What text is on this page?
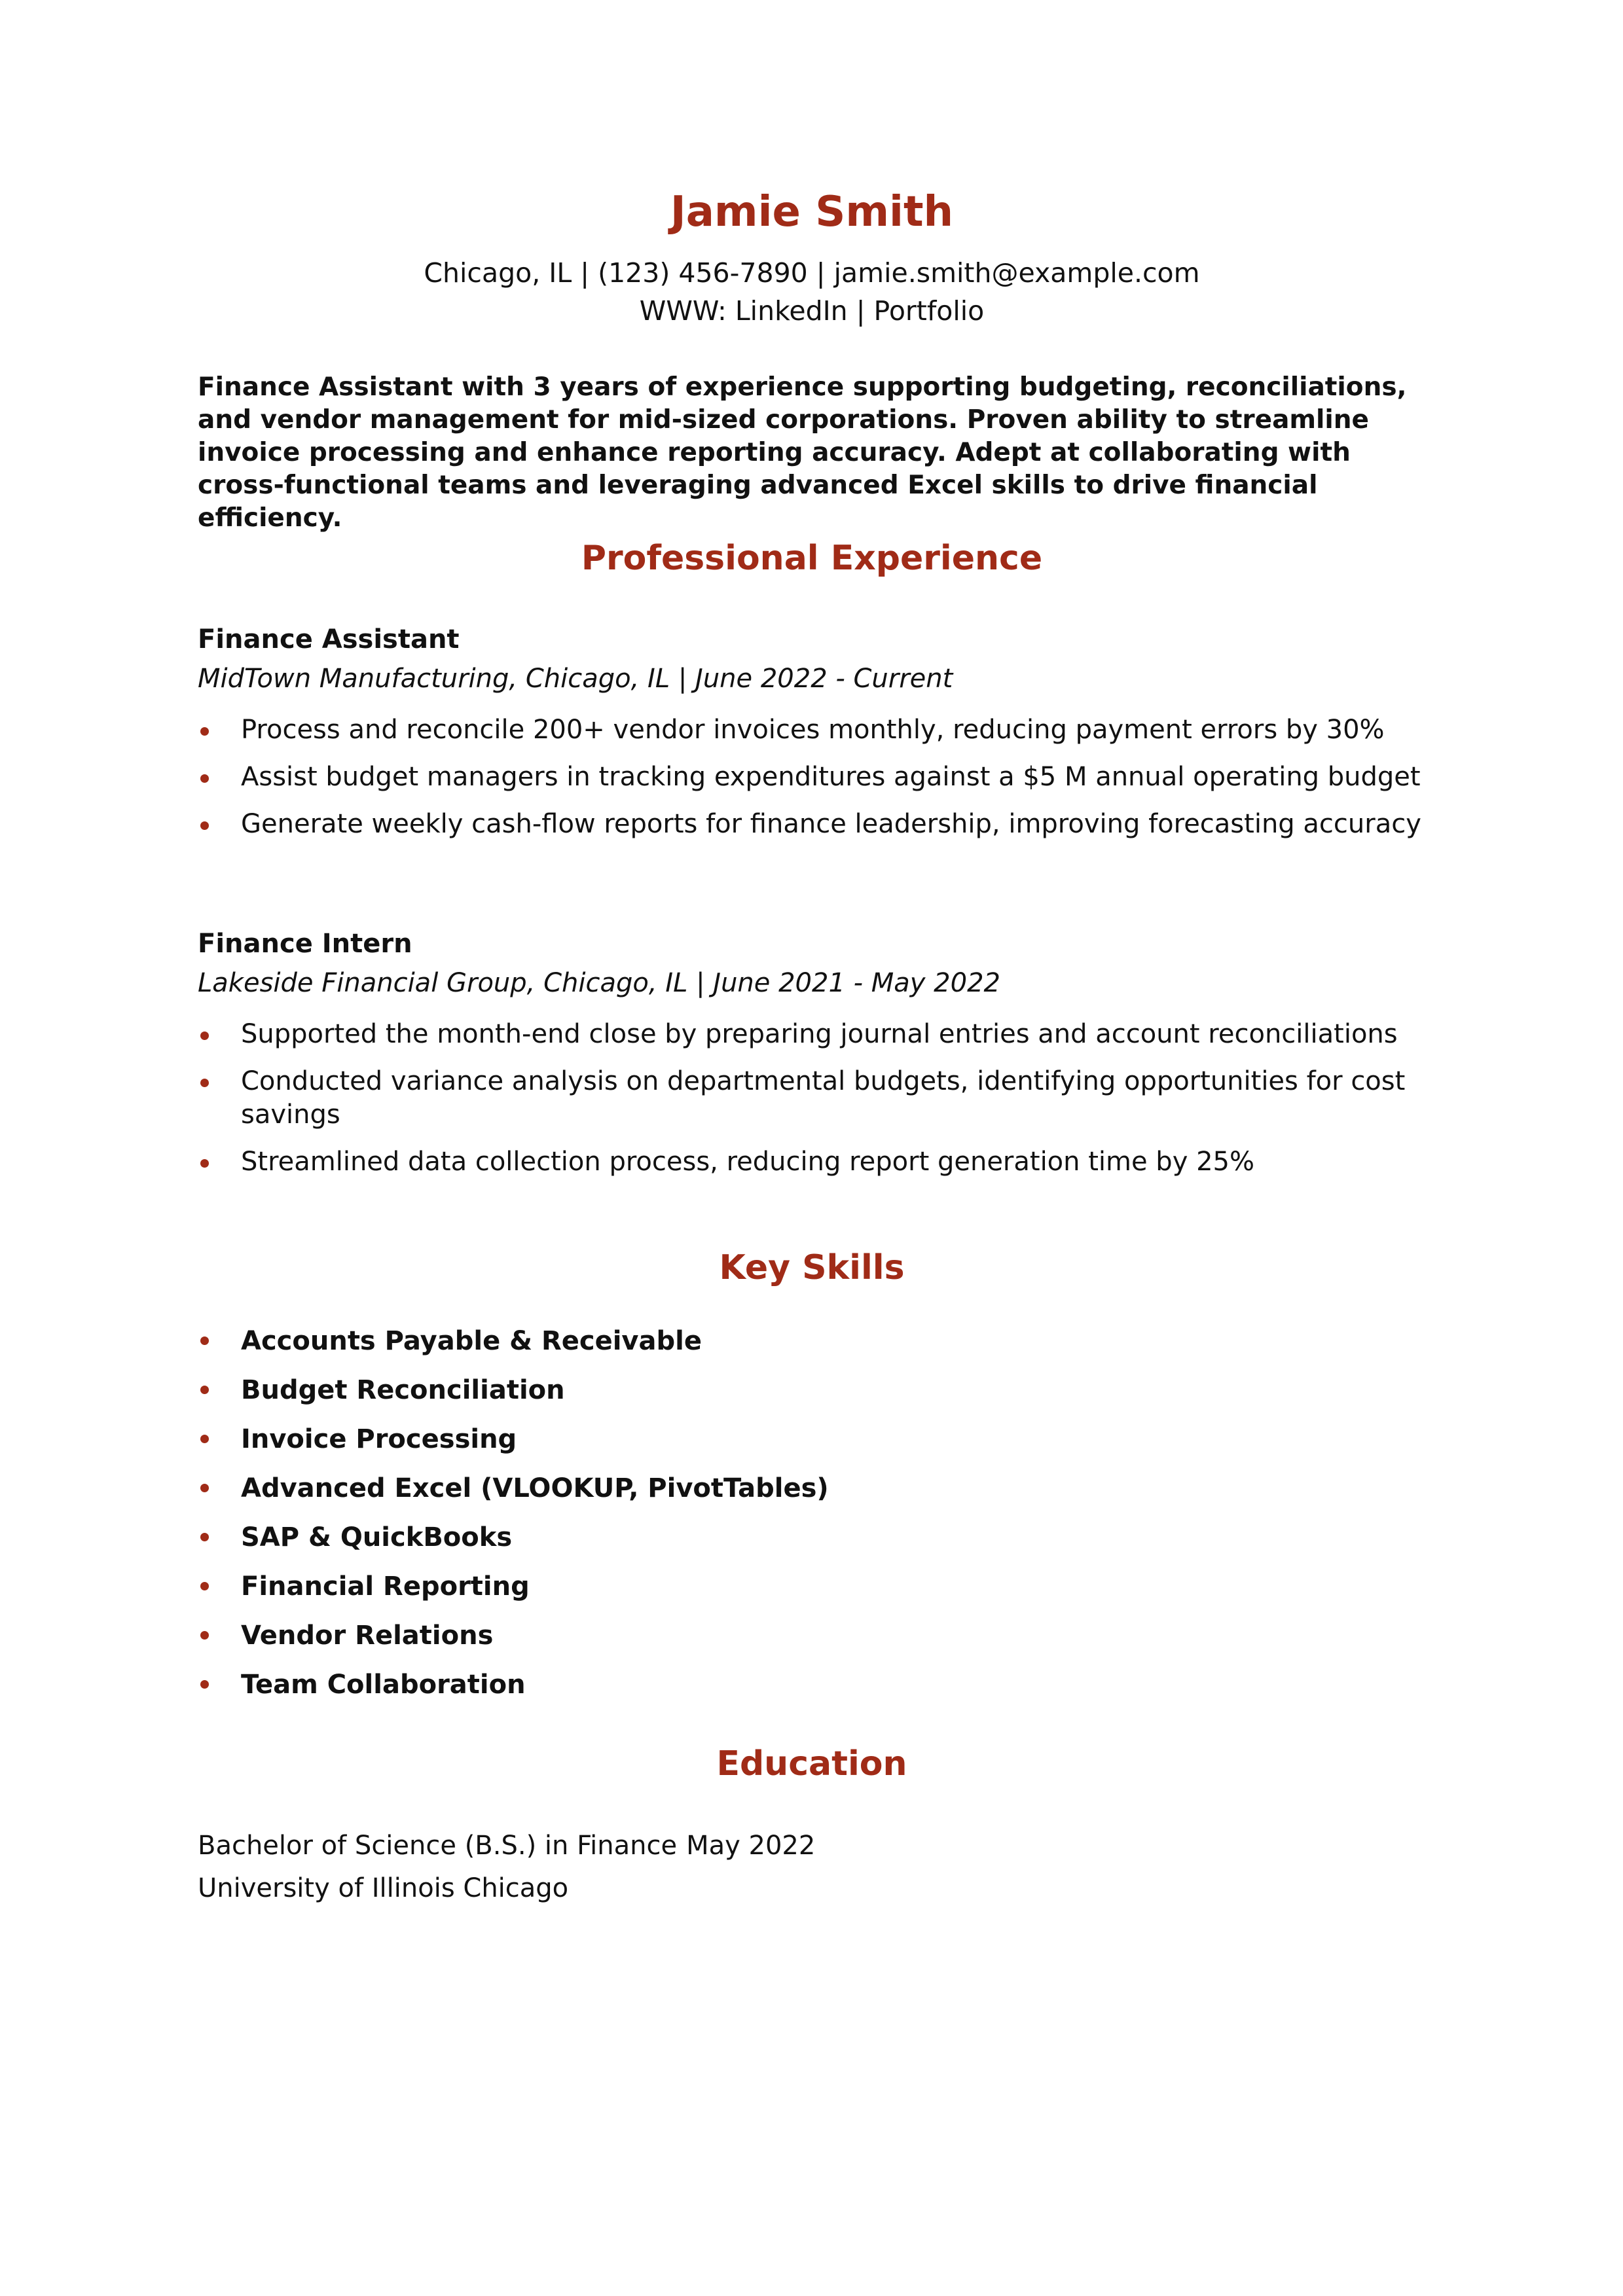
Jamie Smith
Chicago, IL | (123) 456-7890 | jamie.smith@example.com
WWW: LinkedIn | Portfolio

Finance Assistant with 3 years of experience supporting budgeting, reconciliations, and vendor management for mid-sized corporations. Proven ability to streamline invoice processing and enhance reporting accuracy. Adept at collaborating with cross-functional teams and leveraging advanced Excel skills to drive financial efficiency.

Professional Experience
Finance Assistant
MidTown Manufacturing, Chicago, IL | June 2022 - Current
Process and reconcile 200+ vendor invoices monthly, reducing payment errors by 30%
Assist budget managers in tracking expenditures against a $5 M annual operating budget
Generate weekly cash-flow reports for finance leadership, improving forecasting accuracy
Finance Intern
Lakeside Financial Group, Chicago, IL | June 2021 - May 2022
Supported the month-end close by preparing journal entries and account reconciliations
Conducted variance analysis on departmental budgets, identifying opportunities for cost savings
Streamlined data collection process, reducing report generation time by 25%
Key Skills
Accounts Payable & Receivable
Budget Reconciliation
Invoice Processing
Advanced Excel (VLOOKUP, PivotTables)
SAP & QuickBooks
Financial Reporting
Vendor Relations
Team Collaboration
Education
Bachelor of Science (B.S.) in Finance May 2022
University of Illinois Chicago
